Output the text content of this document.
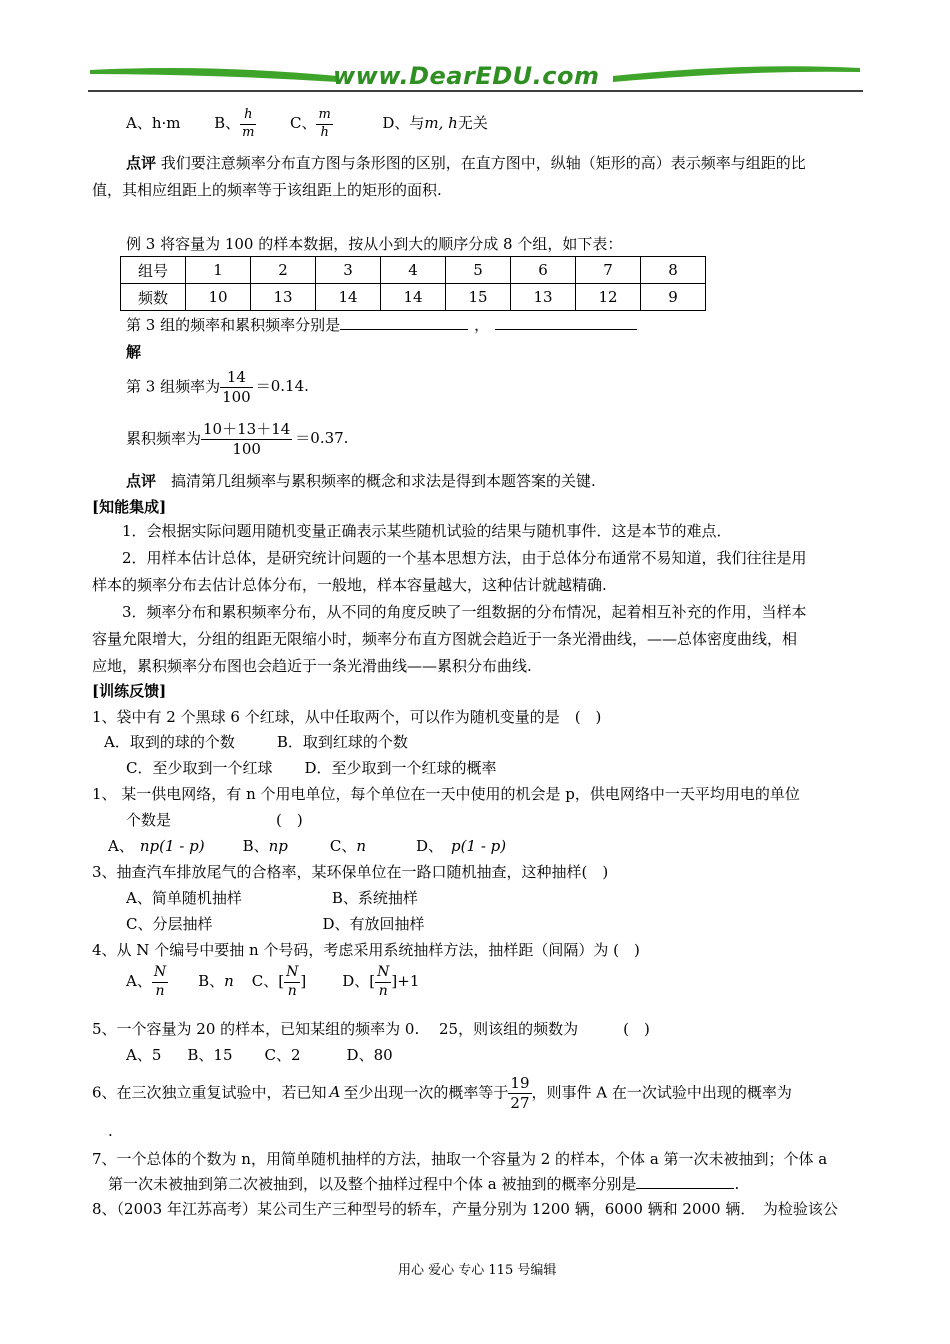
www.DearEDU.com
A、h·m B、 $\frac{h}{m}$ C、 $\frac{m}{h}$	D、与m, h无关
点评 我们要注意频率分布直方图与条形图的区别，在直方图中，纵轴（矩形的高）表示频率与组距的比
值，其相应组距上的频率等于该组距上的矩形的面积.
例 3 将容量为 100 的样本数据，按从小到大的顺序分成 8 个组，如下表：
组号	1	2	3	4	5	6	7	8
频数	10	13	14	14	15	13	12	9
第 3 组的频率和累积频率分别是	，
解
第 3 组频率为 $\frac{14}{100} =0.14$.
累积频率为 $\frac{10+13+14}{100} =0.37$.
点评　 搞清第几组频率与累积频率的概念和求法是得到本题答案的关键.
[知能集成]
1．会根据实际问题用随机变量正确表示某些随机试验的结果与随机事件．这是本节的难点．
2．用样本估计总体，是研究统计问题的一个基本思想方法，由于总体分布通常不易知道，我们往往是用
样本的频率分布去估计总体分布，一般地，样本容量越大，这种估计就越精确.
3．频率分布和累积频率分布，从不同的角度反映了一组数据的分布情况，起着相互补充的作用，当样本
容量允限增大，分组的组距无限缩小时，频率分布直方图就会趋近于一条光滑曲线，——总体密度曲线，相
应地，累积频率分布图也会趋近于一条光滑曲线——累积分布曲线.
[训练反馈]
1、袋中有 2 个黑球 6 个红球，从中任取两个，可以作为随机变量的是　(　)
A．取到的球的个数	B．取到红球的个数
C．至少取到一个红球 D．至少取到一个红球的概率
1、 某一供电网络，有 n 个用电单位，每个单位在一天中使用的机会是 p，供电网络中一天平均用电的单位
个数是　　　　　　　(　)
A、 np(1 - p)	B、np	C、n	D、 p(1 - p)
3、抽查汽车排放尾气的合格率，某环保单位在一路口随机抽查，这种抽样(　)
A、简单随机抽样	B、系统抽样
C、分层抽样	D、有放回抽样
4、从 N 个编号中要抽 n 个号码，考虑采用系统抽样方法，抽样距（间隔）为 (　)
A、 $\frac{N}{n}$ B、n C、[ $\frac{N}{n}$ ] D、[ $\frac{N}{n} ]+1$
5、一个容量为 20 的样本，已知某组的频率为 0.　 25，则该组的频数为　　　(　)
A、5 B、15 C、2	D、80
6、在三次独立重复试验中，若已知 A 至少出现一次的概率等于 $\frac{19}{27}$ ，则事件 A 在一次试验中出现的概率为
.
7、一个总体的个数为 n，用简单随机抽样的方法，抽取一个容量为 2 的样本，个体 a 第一次未被抽到；个体 a
第一次未被抽到第二次被抽到，以及整个抽样过程中个体 a 被抽到的概率分别是	.
8、（2003 年江苏高考）某公司生产三种型号的轿车，产量分别为 1200 辆，6000 辆和 2000 辆．　为检验该公
用心 爱心 专心 115 号编辑
